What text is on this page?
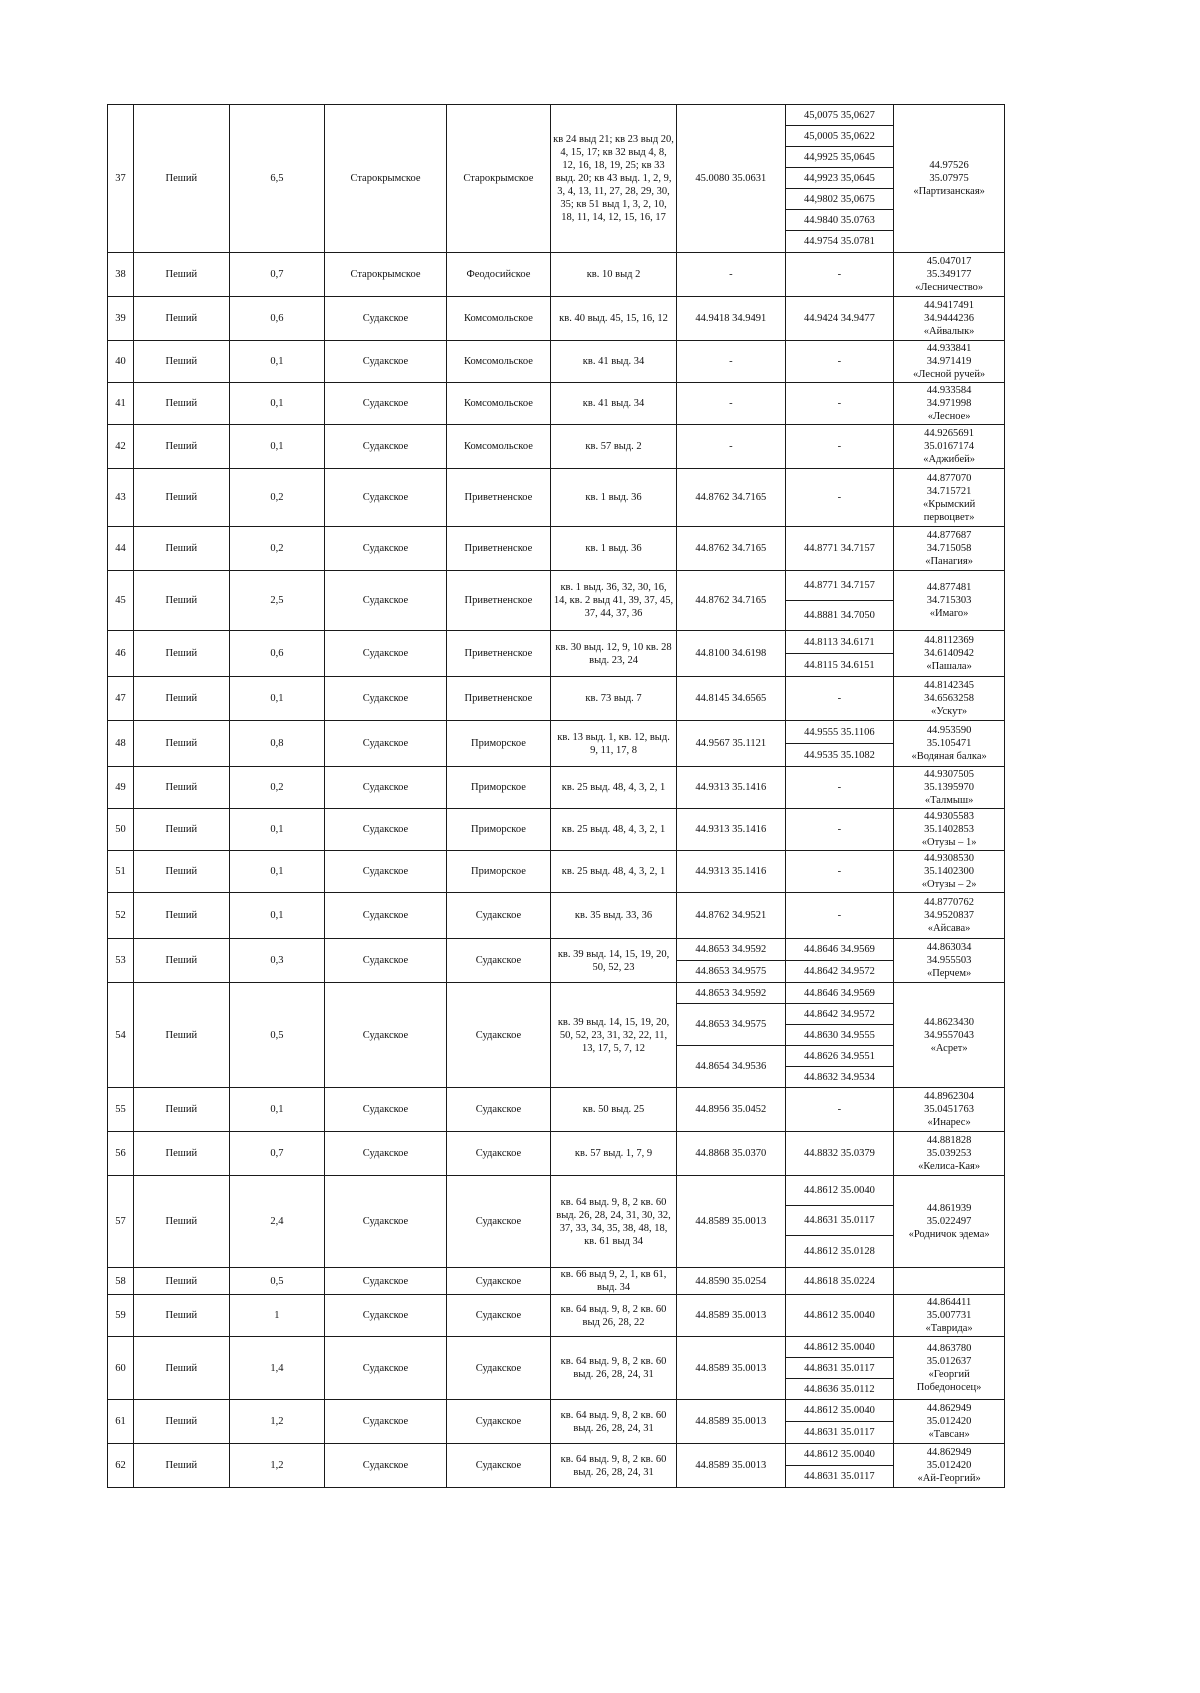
37	Пеший	6,5	Старокрымское	Старокрымское	кв 24 выд 21; кв 23 выд 20, 4, 15, 17; кв 32 выд 4, 8, 12, 16, 18, 19, 25; кв 33 выд. 20; кв 43 выд. 1, 2, 9, 3, 4, 13, 11, 27, 28, 29, 30, 35; кв 51 выд 1, 3, 2, 10, 18, 11, 14, 12, 15, 16, 17	45.0080 35.0631	45,0075 35,0627	44.97526
35.07975
«Партизанская»

							45,0005 35,0622	
							44,9925 35,0645	
							44,9923 35,0645	
							44,9802 35,0675	
							44.9840 35.0763	
							44.9754 35.0781	
38	Пеший	0,7	Старокрымское	Феодосийское	кв. 10 выд 2	-	-	45.047017
35.349177
«Лесничество»

39	Пеший	0,6	Судакское	Комсомольское	кв. 40 выд. 45, 15, 16, 12	44.9418 34.9491	44.9424 34.9477	44.9417491
34.9444236
«Айвалык»

40	Пеший	0,1	Судакское	Комсомольское	кв. 41 выд. 34	-	-	44.933841
34.971419
«Лесной ручей»

41	Пеший	0,1	Судакское	Комсомольское	кв. 41 выд. 34	-	-	44.933584
34.971998
«Лесное»

42	Пеший	0,1	Судакское	Комсомольское	кв. 57 выд. 2	-	-	44.9265691
35.0167174
«Аджибей»

43	Пеший	0,2	Судакское	Приветненское	кв. 1 выд. 36	44.8762 34.7165	-	44.877070
34.715721
«Крымский
первоцвет»

44	Пеший	0,2	Судакское	Приветненское	кв. 1 выд. 36	44.8762 34.7165	44.8771 34.7157	44.877687
34.715058
«Панагия»

45	Пеший	2,5	Судакское	Приветненское	кв. 1 выд. 36, 32, 30, 16, 14, кв. 2 выд 41, 39, 37, 45, 37, 44, 37, 36	44.8762 34.7165	44.8771 34.7157	44.877481
34.715303
«Имаго»

							44.8881 34.7050	
46	Пеший	0,6	Судакское	Приветненское	кв. 30 выд. 12, 9, 10 кв. 28 выд. 23, 24	44.8100 34.6198	44.8113 34.6171	44.8112369
34.6140942
«Пашала»

							44.8115 34.6151	
47	Пеший	0,1	Судакское	Приветненское	кв. 73 выд. 7	44.8145 34.6565	-	44.8142345
34.6563258
«Ускут»

48	Пеший	0,8	Судакское	Приморское	кв. 13 выд. 1, кв. 12, выд. 9, 11, 17, 8	44.9567 35.1121	44.9555 35.1106	44.953590
35.105471
«Водяная балка»

							44.9535 35.1082	
49	Пеший	0,2	Судакское	Приморское	кв. 25 выд. 48, 4, 3, 2, 1	44.9313 35.1416	-	44.9307505
35.1395970
«Талмыш»

50	Пеший	0,1	Судакское	Приморское	кв. 25 выд. 48, 4, 3, 2, 1	44.9313 35.1416	-	44.9305583
35.1402853
«Отузы – 1»

51	Пеший	0,1	Судакское	Приморское	кв. 25 выд. 48, 4, 3, 2, 1	44.9313 35.1416	-	44.9308530
35.1402300
«Отузы – 2»

52	Пеший	0,1	Судакское	Судакское	кв. 35 выд. 33, 36	44.8762 34.9521	-	44.8770762
34.9520837
«Айсава»

53	Пеший	0,3	Судакское	Судакское	кв. 39 выд. 14, 15, 19, 20, 50, 52, 23	44.8653 34.9592	44.8646 34.9569	44.863034
34.955503
«Перчем»

						44.8653 34.9575	44.8642 34.9572	
54	Пеший	0,5	Судакское	Судакское	кв. 39 выд. 14, 15, 19, 20, 50, 52, 23, 31, 32, 22, 11, 13, 17, 5, 7, 12	44.8653 34.9592	44.8646 34.9569	44.8623430
34.9557043
«Асрет»

						44.8653 34.9575	44.8642 34.9572	
							44.8630 34.9555	
						44.8654 34.9536	44.8626 34.9551	
							44.8632 34.9534	
55	Пеший	0,1	Судакское	Судакское	кв. 50 выд. 25	44.8956 35.0452	-	44.8962304
35.0451763
«Инарес»

56	Пеший	0,7	Судакское	Судакское	кв. 57 выд. 1, 7, 9	44.8868 35.0370	44.8832 35.0379	44.881828
35.039253
«Келиса-Кая»

57	Пеший	2,4	Судакское	Судакское	кв. 64 выд. 9, 8, 2 кв. 60 выд. 26, 28, 24, 31, 30, 32, 37, 33, 34, 35, 38, 48, 18, кв. 61 выд 34	44.8589 35.0013	44.8612 35.0040	44.861939
35.022497
«Родничок эдема»

							44.8631 35.0117	
							44.8612 35.0128	
58	Пеший	0,5	Судакское	Судакское	кв. 66 выд 9, 2, 1, кв 61, выд. 34	44.8590 35.0254	44.8618 35.0224	
59	Пеший	1	Судакское	Судакское	кв. 64 выд. 9, 8, 2 кв. 60 выд 26, 28, 22	44.8589 35.0013	44.8612 35.0040	44.864411
35.007731
«Таврида»

60	Пеший	1,4	Судакское	Судакское	кв. 64 выд. 9, 8, 2 кв. 60 выд. 26, 28, 24, 31	44.8589 35.0013	44.8612 35.0040	44.863780
35.012637
«Георгий
Победоносец»

							44.8631 35.0117	
							44.8636 35.0112	
61	Пеший	1,2	Судакское	Судакское	кв. 64 выд. 9, 8, 2 кв. 60 выд. 26, 28, 24, 31	44.8589 35.0013	44.8612 35.0040	44.862949
35.012420
«Тавсан»

							44.8631 35.0117	
62	Пеший	1,2	Судакское	Судакское	кв. 64 выд. 9, 8, 2 кв. 60 выд. 26, 28, 24, 31	44.8589 35.0013	44.8612 35.0040	44.862949
35.012420
«Ай-Георгий»

							44.8631 35.0117	
